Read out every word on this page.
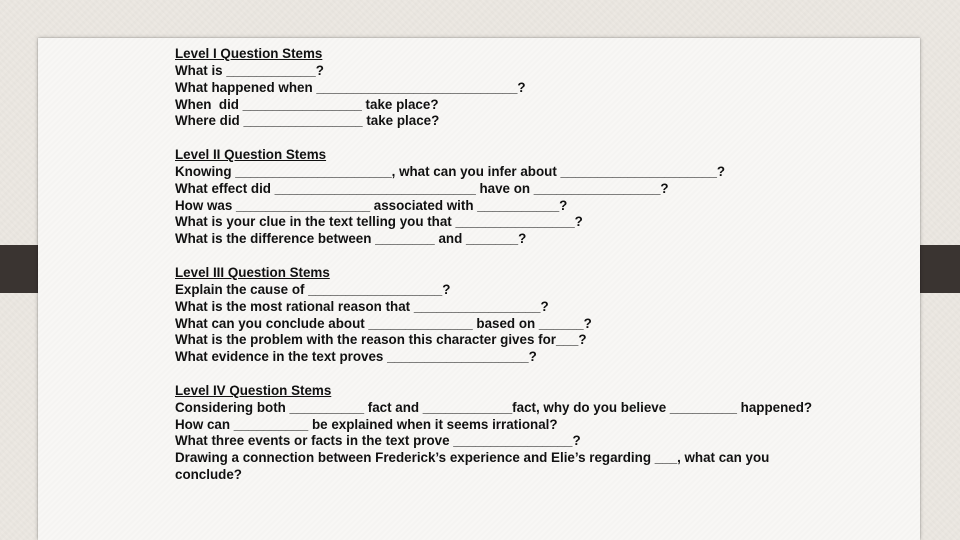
Level I Question Stems
What is ____________?
What happened when ___________________________?
When  did ________________ take place?
Where did ________________ take place?
Level II Question Stems
Knowing _____________________, what can you infer about _____________________?
What effect did ___________________________ have on _________________?
How was __________________ associated with ___________?
What is your clue in the text telling you that ________________?
What is the difference between ________ and _______?
Level III Question Stems
Explain the cause of __________________?
What is the most rational reason that _________________?
What can you conclude about ______________ based on ______?
What is the problem with the reason this character gives for___?
What evidence in the text proves ___________________?
Level IV Question Stems
Considering both __________ fact and ____________fact, why do you believe _________ happened?
How can __________ be explained when it seems irrational?
What three events or facts in the text prove ________________?
Drawing a connection between Frederick’s experience and Elie’s regarding ___, what can you conclude?
